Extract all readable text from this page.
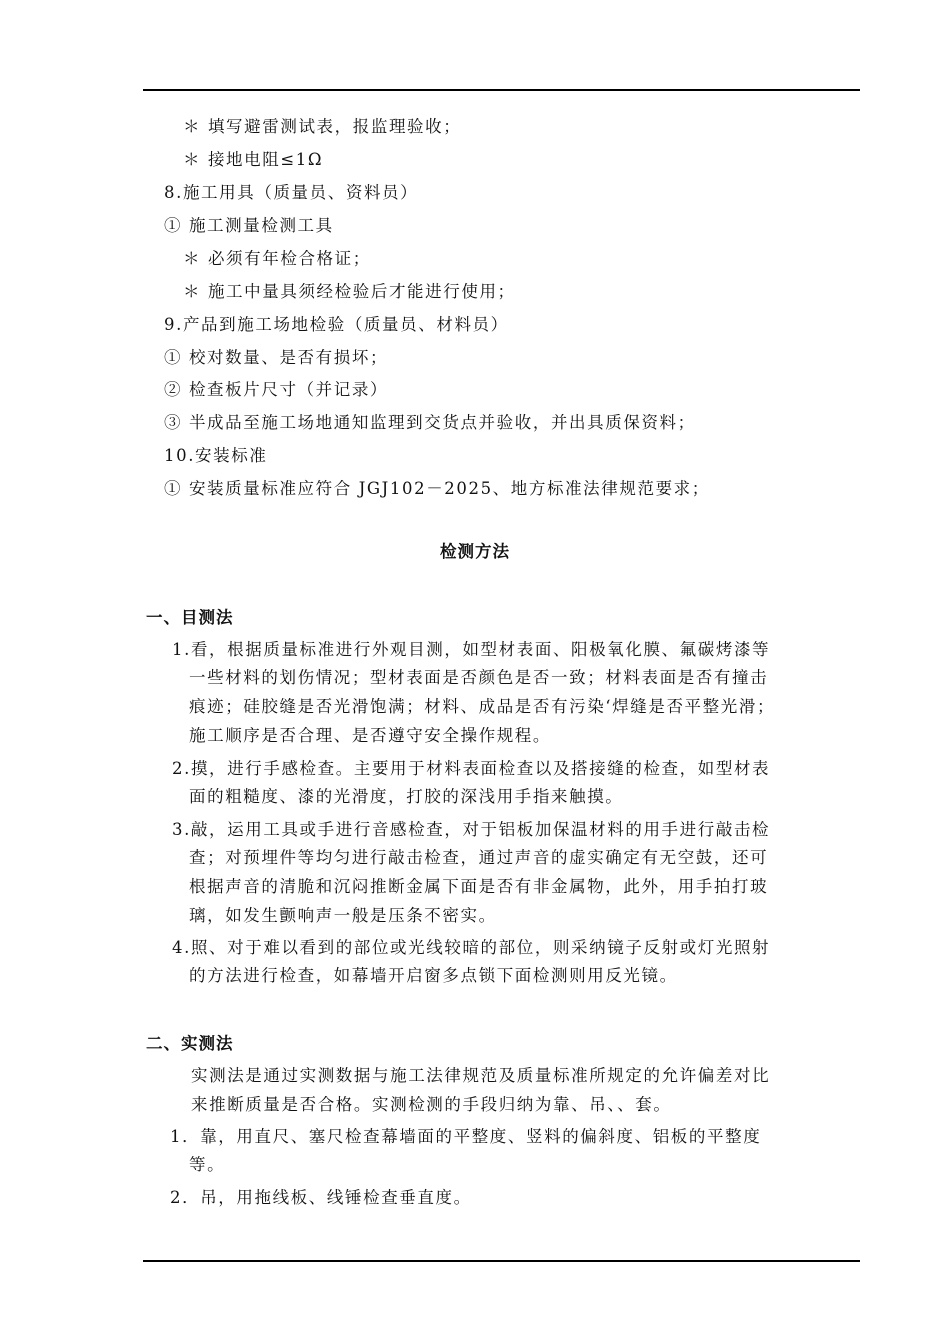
＊ 填写避雷测试表，报监理验收；
＊ 接地电阻≤1Ω
8.施工用具（质量员、资料员）
① 施工测量检测工具
＊ 必须有年检合格证；
＊ 施工中量具须经检验后才能进行使用；
9.产品到施工场地检验（质量员、材料员）
① 校对数量、是否有损坏；
② 检查板片尺寸（并记录）
③ 半成品至施工场地通知监理到交货点并验收，并出具质保资料；
10.安装标准
① 安装质量标准应符合 JGJ102－2025、地方标准法律规范要求；
检测方法
一、目测法
1.看，根据质量标准进行外观目测，如型材表面、阳极氧化膜、氟碳烤漆等
一些材料的划伤情况；型材表面是否颜色是否一致；材料表面是否有撞击
痕迹；硅胶缝是否光滑饱满；材料、成品是否有污染‘焊缝是否平整光滑；
施工顺序是否合理、是否遵守安全操作规程。
2.摸，进行手感检查。主要用于材料表面检查以及搭接缝的检查，如型材表
面的粗糙度、漆的光滑度，打胶的深浅用手指来触摸。
3.敲，运用工具或手进行音感检查，对于铝板加保温材料的用手进行敲击检
查；对预埋件等均匀进行敲击检查，通过声音的虚实确定有无空鼓，还可
根据声音的清脆和沉闷推断金属下面是否有非金属物，此外，用手拍打玻
璃，如发生颤响声一般是压条不密实。
4.照、对于难以看到的部位或光线较暗的部位，则采纳镜子反射或灯光照射
的方法进行检查，如幕墙开启窗多点锁下面检测则用反光镜。
二、实测法
实测法是通过实测数据与施工法律规范及质量标准所规定的允许偏差对比
来推断质量是否合格。实测检测的手段归纳为靠、吊、、套。
1．靠，用直尺、塞尺检查幕墙面的平整度、竖料的偏斜度、铝板的平整度
等。
2．吊，用拖线板、线锤检查垂直度。
